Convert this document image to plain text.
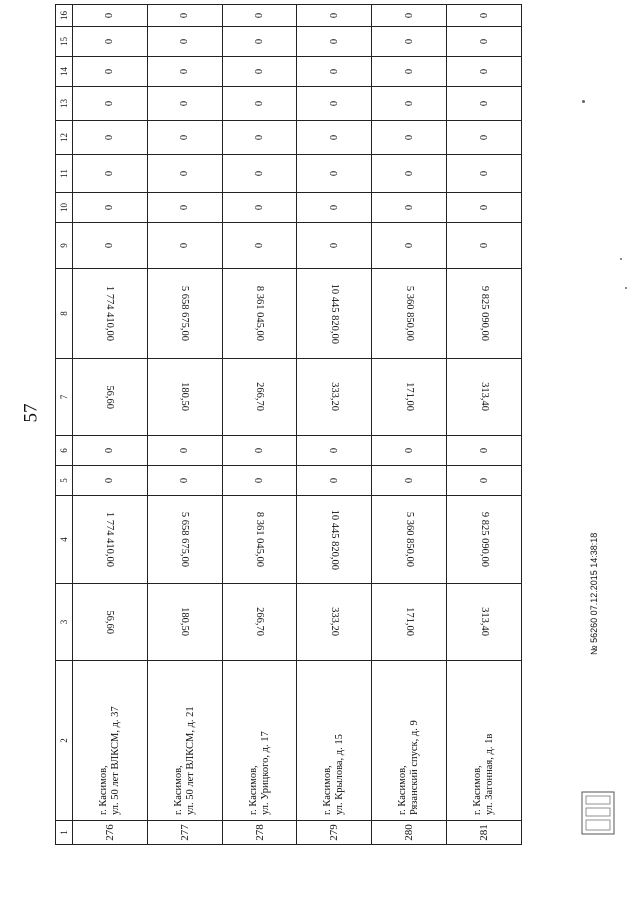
57
1	2	3	4	5	6	7	8	9	10	11	12	13	14	15	16
276	г. Касимов, ул. 50 лет ВЛКСМ, д. 37	56,60	1 774 410,00	0	0	56,60	1 774 410,00	0	0	0	0	0	0	0	0
277	г. Касимов, ул. 50 лет ВЛКСМ, д. 21	180,50	5 658 675,00	0	0	180,50	5 658 675,00	0	0	0	0	0	0	0	0
278	г. Касимов, ул. Урицкого, д. 17	266,70	8 361 045,00	0	0	266,70	8 361 045,00	0	0	0	0	0	0	0	0
279	г. Касимов, ул. Крылова, д. 15	333,20	10 445 820,00	0	0	333,20	10 445 820,00	0	0	0	0	0	0	0	0
280	г. Касимов, Рязанский спуск, д. 9	171,00	5 360 850,00	0	0	171,00	5 360 850,00	0	0	0	0	0	0	0	0
281	г. Касимов, ул. Загонная, д. 1в	313,40	9 825 090,00	0	0	313,40	9 825 090,00	0	0	0	0	0	0	0	0
№ 56260 07.12.2015 14:38:18
